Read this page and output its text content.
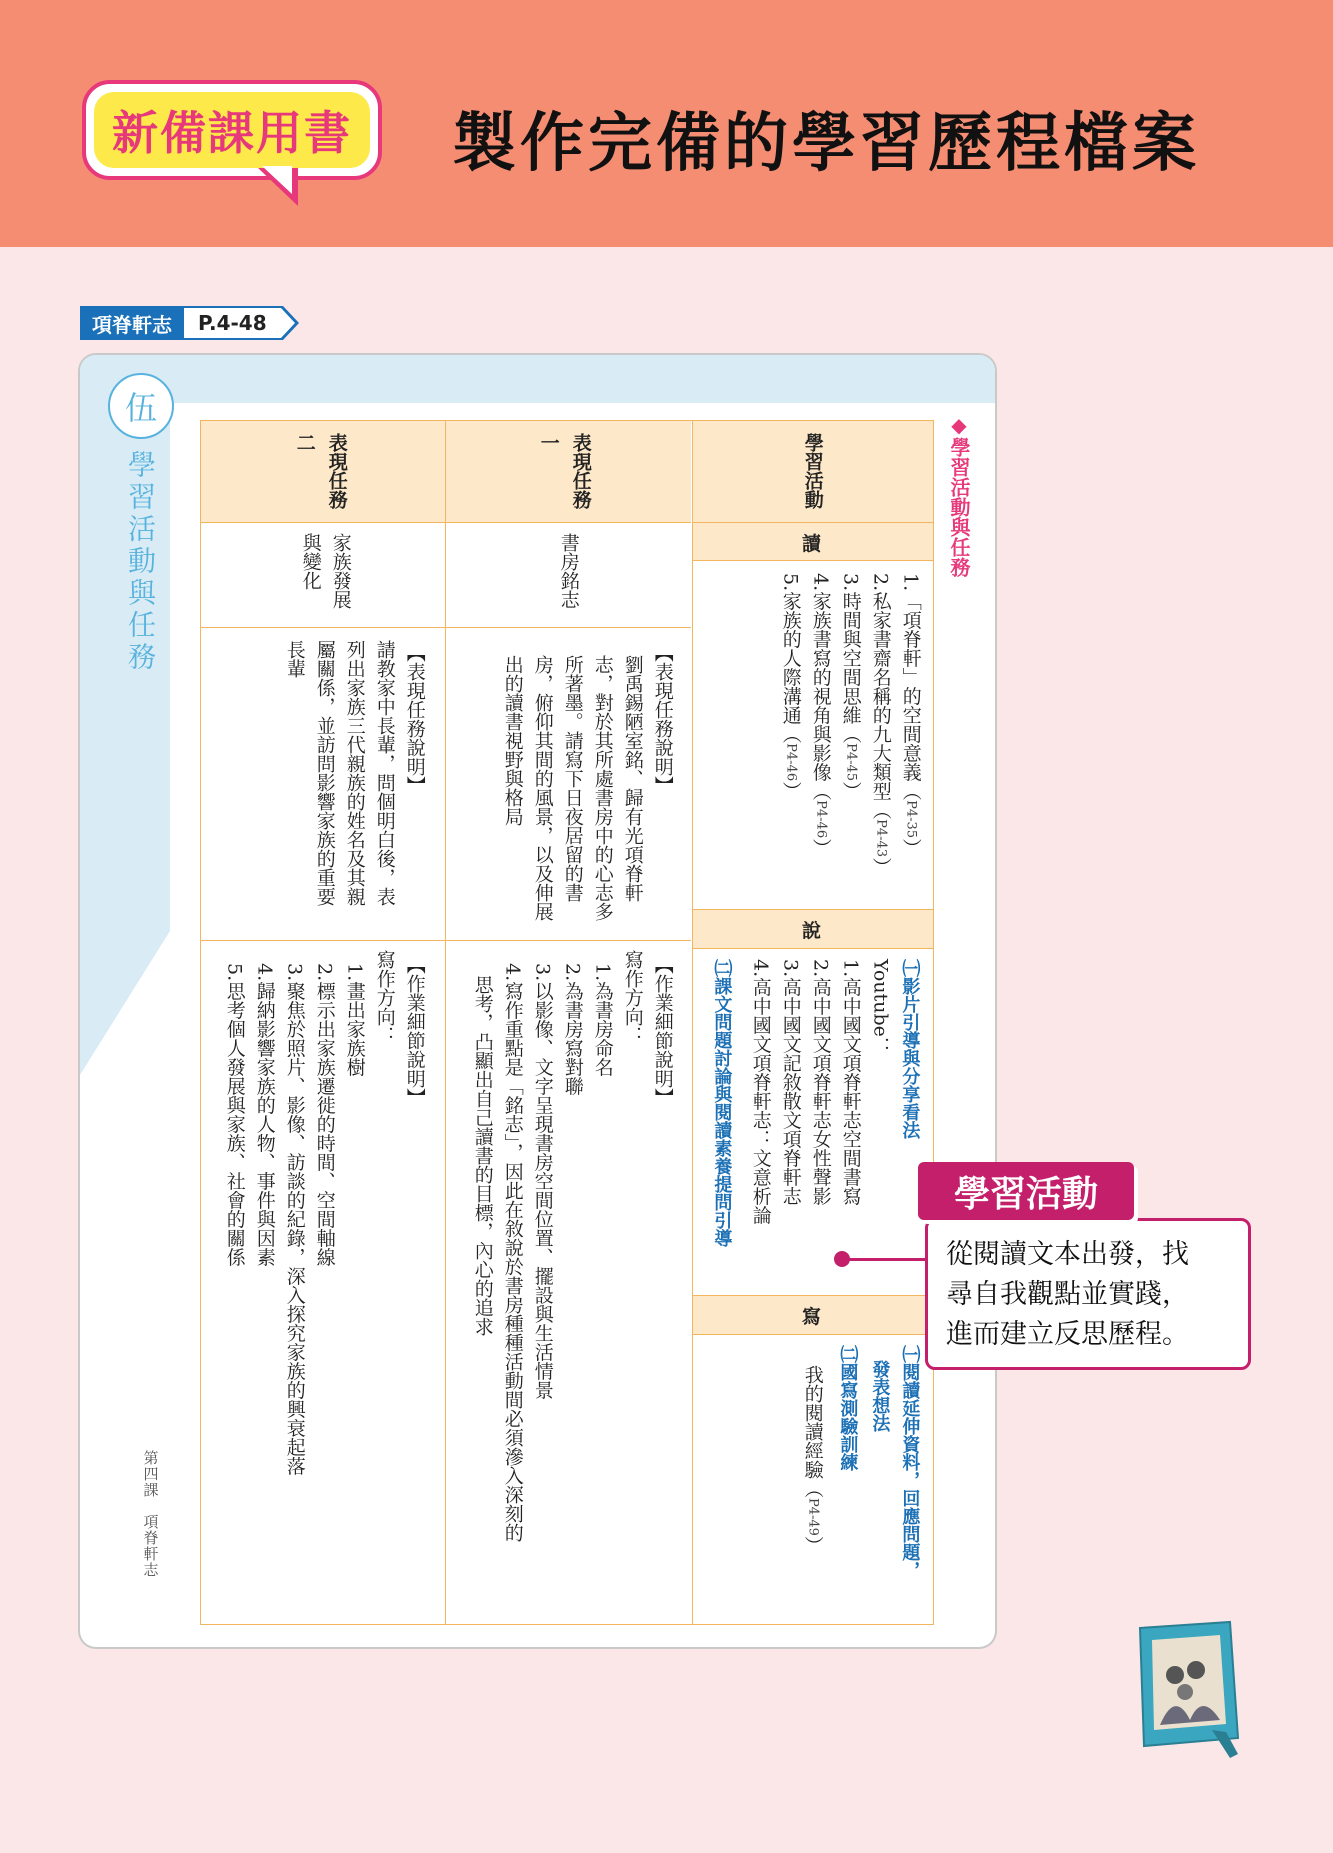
新備課用書 製作完備的學習歷程檔案
項脊軒志	P.4-48
伍
學習活動與任務	◆學習活動與任務
學習活動
讀
1.「項脊軒」的空間意義（P4-35）
2.私家書齋名稱的九大類型（P4-43）
3.時間與空間思維（P4-45）
4.家族書寫的視角與影像（P4-46）
5.家族的人際溝通（P4-46）
說
㈠影片引導與分享看法
Youtube：
1.高中國文項脊軒志空間書寫
2.高中國文項脊軒志女性聲影
3.高中國文記敘散文項脊軒志
4.高中國文項脊軒志：文意析論
㈡課文問題討論與閱讀素養提問引導
寫
㈠閱讀延伸資料，回應問題，
發表想法
㈡國寫測驗訓練
我的閱讀經驗（P4-49）
表現任務
一
書房銘志
【表現任務說明】
劉禹錫陋室銘、歸有光項脊軒
志，對於其所處書房中的心志多
所著墨。請寫下日夜居留的書
房，俯仰其間的風景，以及伸展
出的讀書視野與格局
【作業細節說明】
寫作方向：
1.為書房命名
2.為書房寫對聯
3.以影像、文字呈現書房空間位置、擺設與生活情景
4.寫作重點是「銘志」，因此在敘說於書房種種活動間必須滲入深刻的
思考，凸顯出自己讀書的目標，內心的追求
表現任務
二
家族發展
與變化
【表現任務說明】
請教家中長輩，問個明白後，表
列出家族三代親族的姓名及其親
屬關係，並訪問影響家族的重要
長輩
【作業細節說明】
寫作方向：
1.畫出家族樹
2.標示出家族遷徙的時間、空間軸線
3.聚焦於照片、影像、訪談的紀錄，深入探究家族的興衰起落
4.歸納影響家族的人物、事件與因素
5.思考個人發展與家族、社會的關係
第四課　項脊軒志
從閱讀文本出發，找
尋自我觀點並實踐，
進而建立反思歷程。
學習活動
